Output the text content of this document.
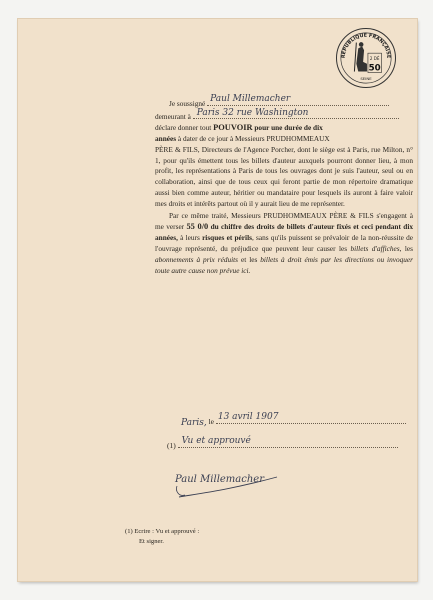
RÉPUBLIQUE FRANÇAISE
2 DÉ
50
SEINE
Je soussigné Paul Millemacher
demeurant à Paris 32 rue Washington
déclare donner tout POUVOIR pour une durée de dix
années à dater de ce jour à Messieurs PRUDHOMMEAUX

PÈRE & FILS, Directeurs de l'Agence Porcher, dont le siège est à Paris, rue Milton, n° 1, pour qu'ils émettent tous les billets d'auteur auxquels pourront donner lieu, à mon profit, les représentations à Paris de tous les ouvrages dont je suis l'auteur, seul ou en collaboration, ainsi que de tous ceux qui feront partie de mon répertoire dramatique aussi bien comme auteur, héritier ou mandataire pour lesquels ils auront à faire valoir mes droits et intérêts partout où il y aurait lieu de me représenter.

Par ce même traité, Messieurs PRUDHOMMEAUX PÈRE & FILS s'engagent à me verser 55 0/0 du chiffre des droits de billets d'auteur fixés et ceci pendant dix années, à leurs risques et périls, sans qu'ils puissent se prévaloir de la non-réussite de l'ouvrage représenté, du préjudice que peuvent leur causer les billets d'affiches, les abonnements à prix réduits et les billets à droit émis par les directions ou invoquer toute autre cause non prévue ici.

Paris, le 13 avril 1907
(1) Vu et approuvé
Paul Millemacher
(1) Ecrire : Vu et approuvé :
Et signer.
